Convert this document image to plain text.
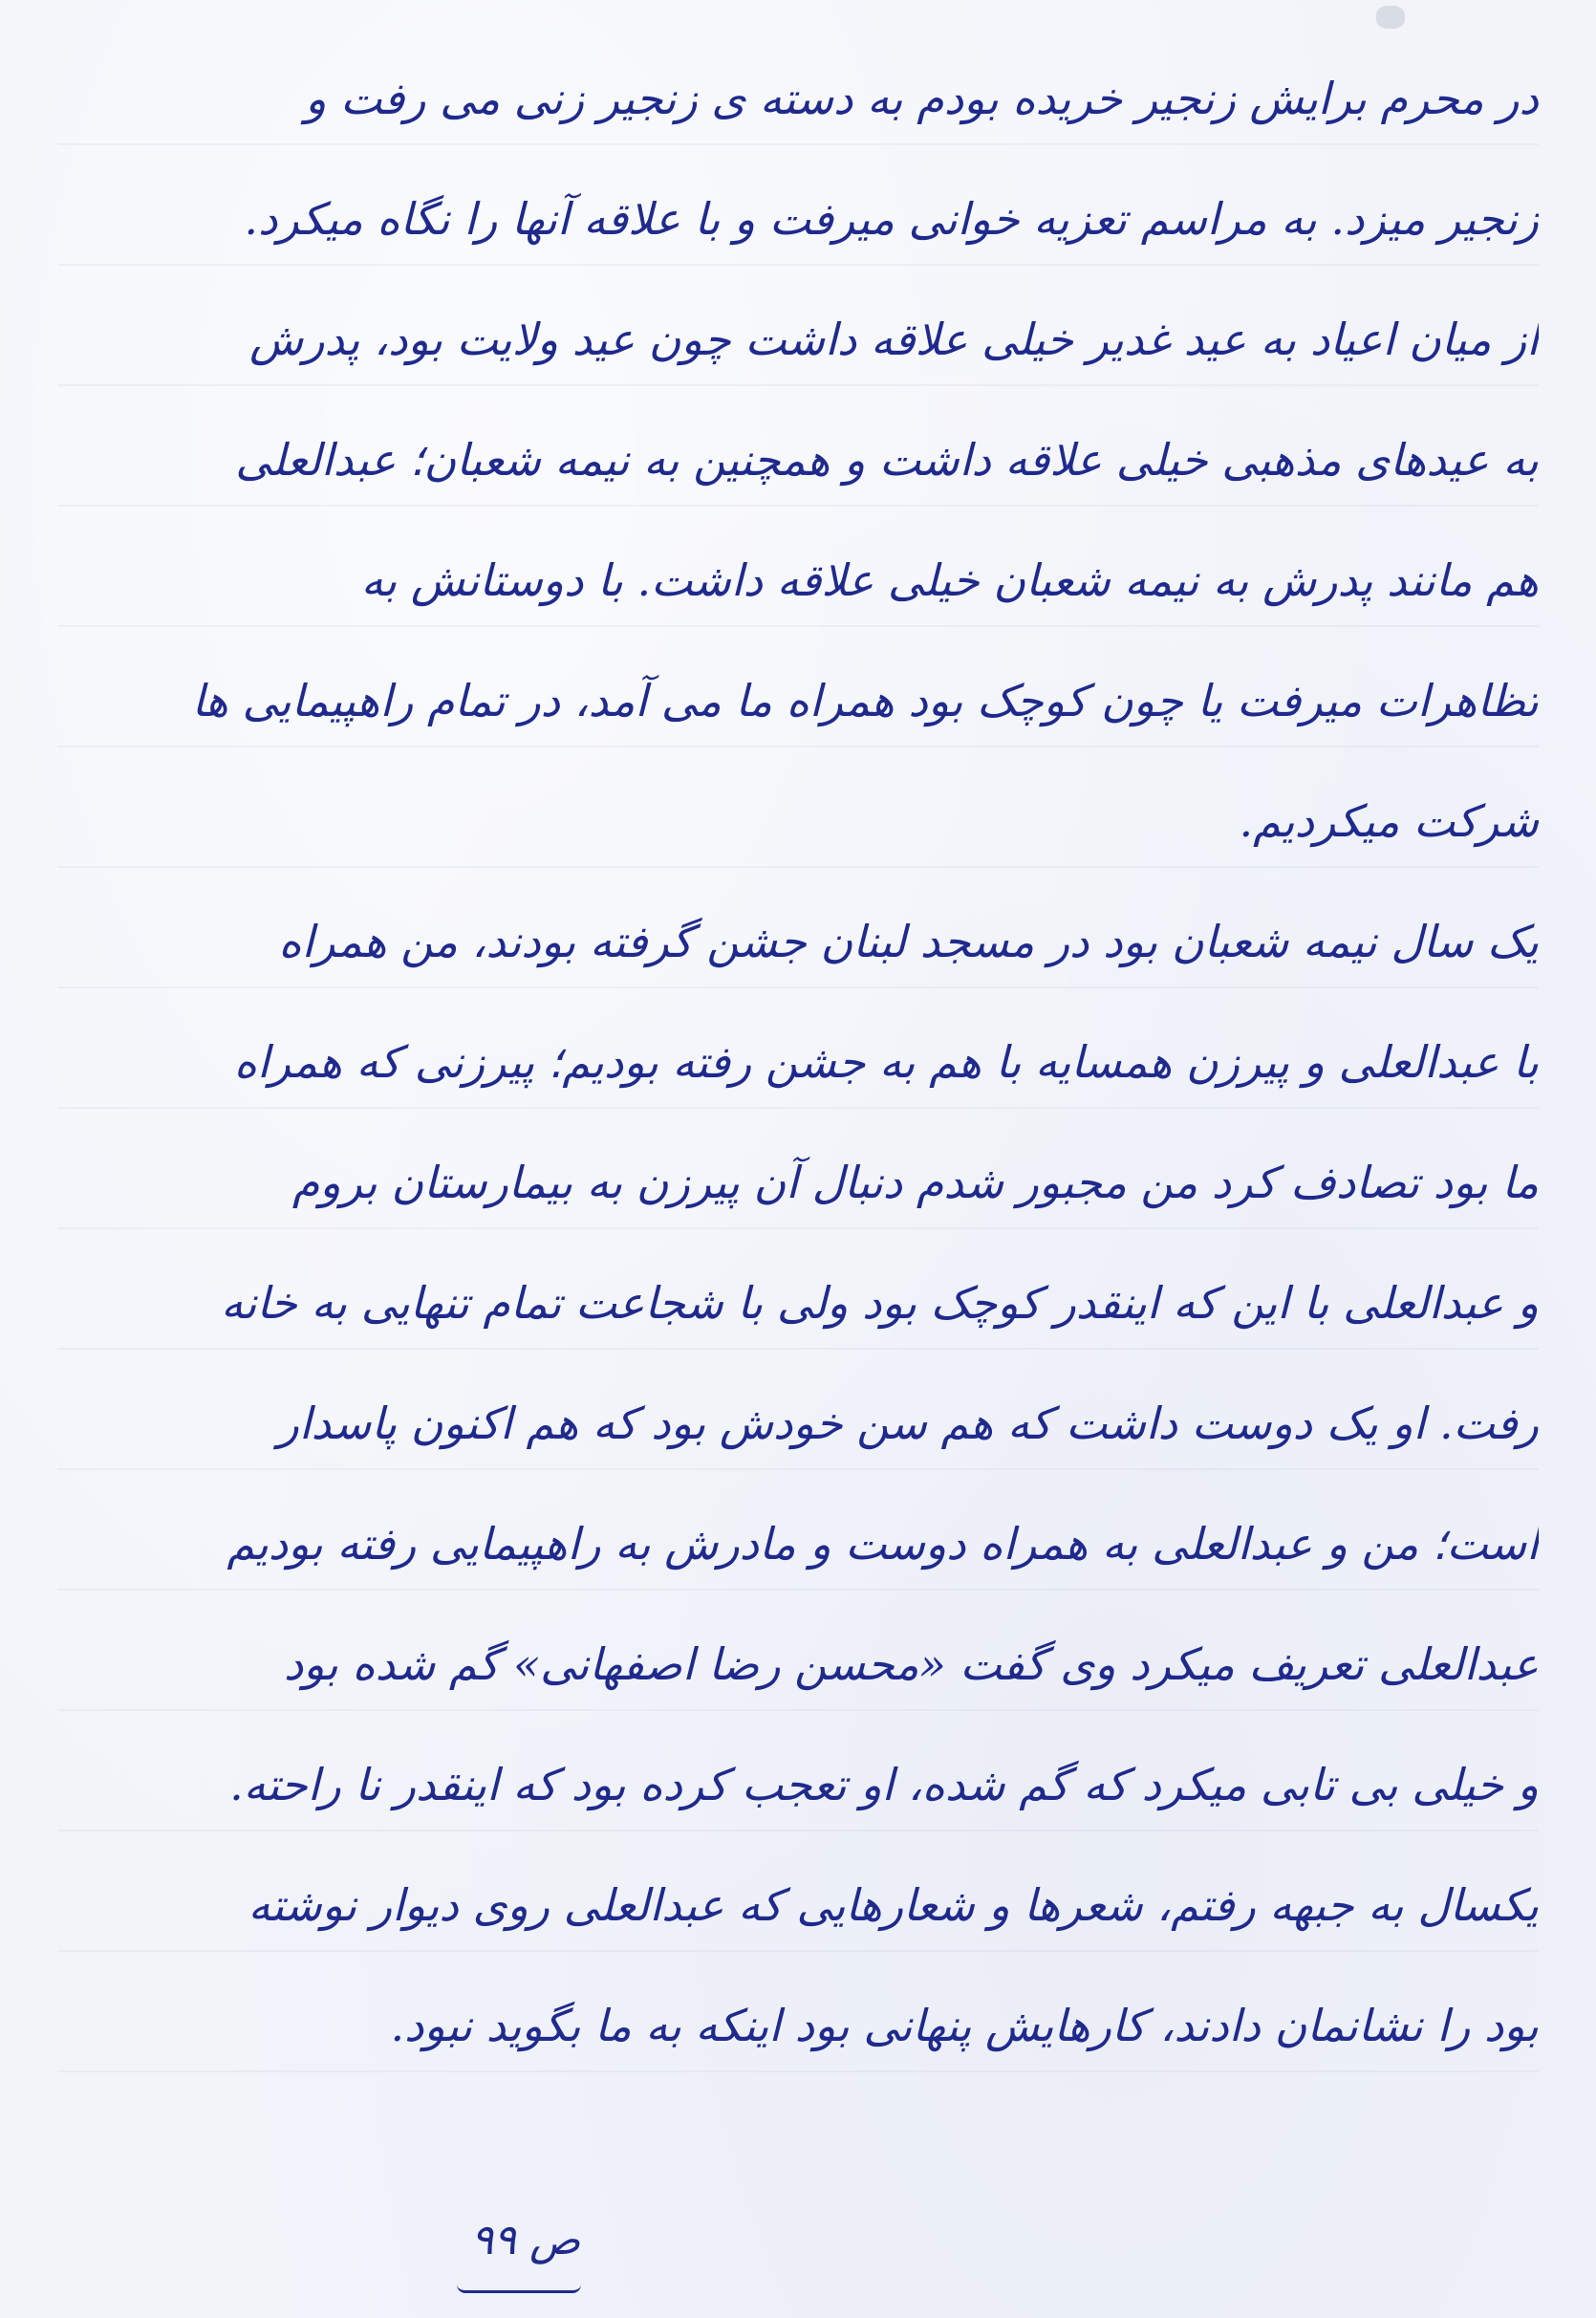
در محرم برایش زنجیر خریده بودم به دسته ی زنجیر زنی می رفت و
زنجیر میزد. به مراسم تعزیه خوانی میرفت و با علاقه آنها را نگاه میکرد.
از میان اعیاد به عید غدیر خیلی علاقه داشت چون عید ولایت بود، پدرش
به عیدهای مذهبی خیلی علاقه داشت و همچنین به نیمه شعبان؛ عبدالعلی
هم مانند پدرش به نیمه شعبان خیلی علاقه داشت. با دوستانش به
تظاهرات میرفت یا چون کوچک بود همراه ما می آمد، در تمام راهپیمایی ها
شرکت میکردیم.
یک سال نیمه شعبان بود در مسجد لبنان جشن گرفته بودند، من همراه
با عبدالعلی و پیرزن همسایه با هم به جشن رفته بودیم؛ پیرزنی که همراه
ما بود تصادف کرد من مجبور شدم دنبال آن پیرزن به بیمارستان بروم
و عبدالعلی با این که اینقدر کوچک بود ولی با شجاعت تمام تنهایی به خانه
رفت. او یک دوست داشت که هم سن خودش بود که هم اکنون پاسدار
است؛ من و عبدالعلی به همراه دوست و مادرش به راهپیمایی رفته بودیم
عبدالعلی تعریف میکرد وی گفت «محسن رضا اصفهانی» گم شده بود
و خیلی بی تابی میکرد که گم شده، او تعجب کرده بود که اینقدر نا راحته.
یکسال به جبهه رفتم، شعرها و شعارهایی که عبدالعلی روی دیوار نوشته
بود را نشانمان دادند، کارهایش پنهانی بود اینکه به ما بگوید نبود.
ص ۹۹
